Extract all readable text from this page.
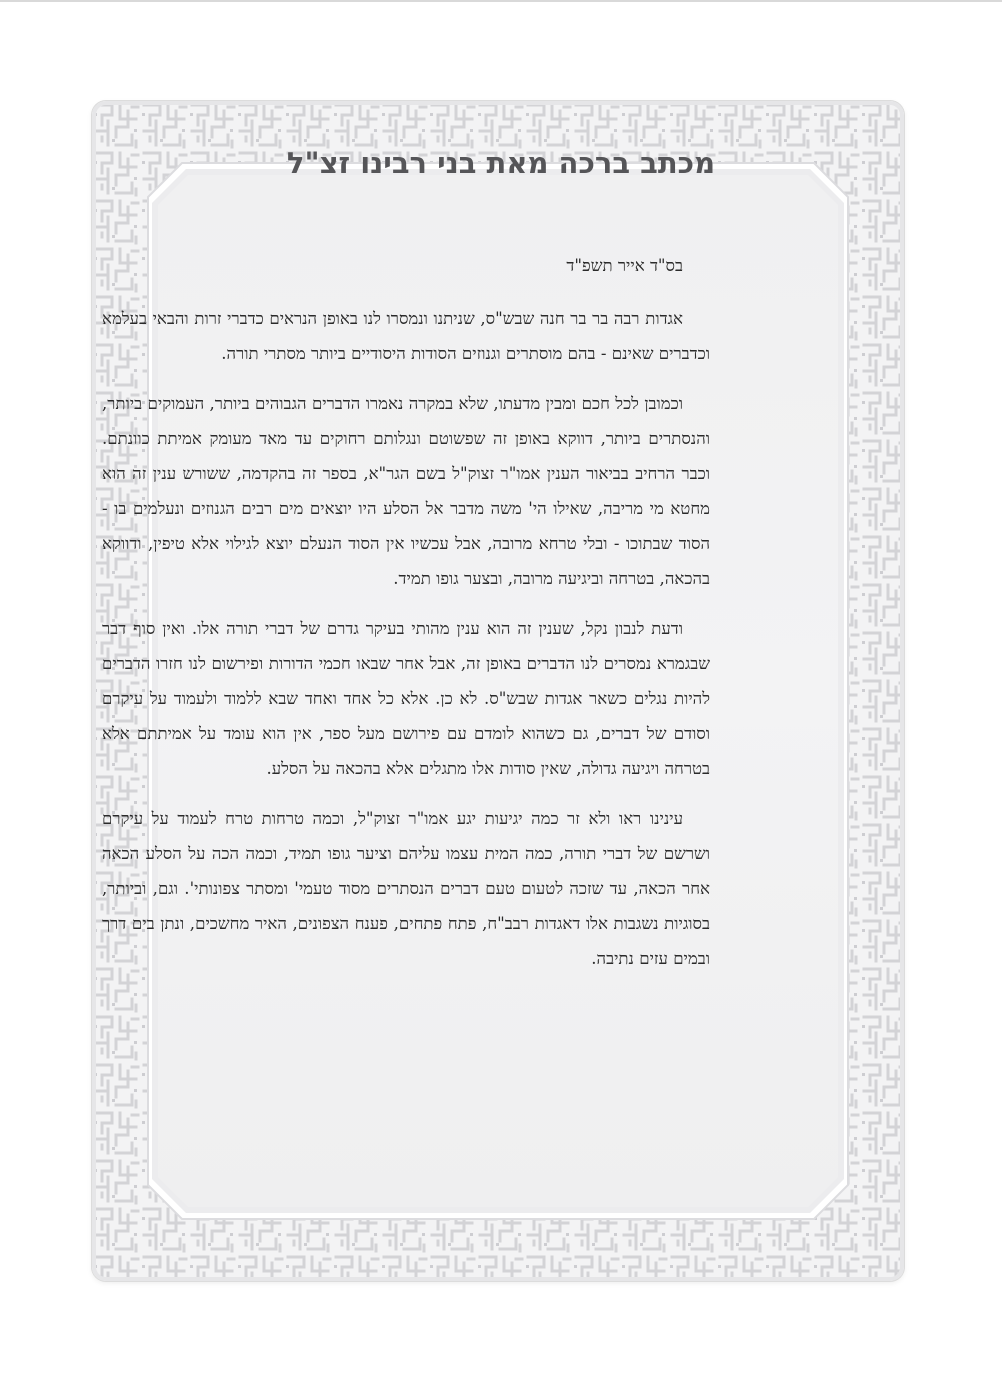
מכתב ברכה מאת בני רבינו זצ"ל

בס"ד אייר תשפ"ד

אגדות רבה בר בר חנה שבש"ס, שניתנו ונמסרו לנו באופן הנראים כדברי זרות והבאי בעלמא וכדברים שאינם - בהם מוסתרים וגנוזים הסודות היסודיים ביותר מסתרי תורה.

וכמובן לכל חכם ומבין מדעתו, שלא במקרה נאמרו הדברים הגבוהים ביותר, העמוקים ביותר, והנסתרים ביותר, דווקא באופן זה שפשוטם ונגלותם רחוקים עד מאד מעומק אמיתת כוונתם. וכבר הרחיב בביאור הענין אמו"ר זצוק"ל בשם הגר"א, בספר זה בהקדמה, ששורש ענין זה הוא מחטא מי מריבה, שאילו הי' משה מדבר אל הסלע היו יוצאים מים רבים הגנוזים ונעלמים בו - הסוד שבתוכו - ובלי טרחא מרובה, אבל עכשיו אין הסוד הנעלם יוצא לגילוי אלא טיפין, ודווקא בהכאה, בטרחה וביגיעה מרובה, ובצער גופו תמיד.

ודעת לנבון נקל, שענין זה הוא ענין מהותי בעיקר גדרם של דברי תורה אלו. ואין סוף דבר שבגמרא נמסרים לנו הדברים באופן זה, אבל אחר שבאו חכמי הדורות ופירשום לנו חזרו הדברים להיות נגלים כשאר אגדות שבש"ס. לא כן. אלא כל אחד ואחד שבא ללמוד ולעמוד על עיקרם וסודם של דברים, גם כשהוא לומדם עם פירושם מעל ספר, אין הוא עומד על אמיתתם אלא בטרחה ויגיעה גדולה, שאין סודות אלו מתגלים אלא בהכאה על הסלע.

עינינו ראו ולא זר כמה יגיעות יגע אמו"ר זצוק"ל, וכמה טרחות טרח לעמוד על עיקרם ושרשם של דברי תורה, כמה המית עצמו עליהם וציער גופו תמיד, וכמה הכה על הסלע הכאה אחר הכאה, עד שזכה לטעום טעם דברים הנסתרים מסוד טעמי' ומסתר צפונותי'. וגם, וביותר, בסוגיות נשגבות אלו דאגדות רבב"ח, פתח פתחים, פענח הצפונים, האיר מחשכים, ונתן בים דרך ובמים עזים נתיבה.
